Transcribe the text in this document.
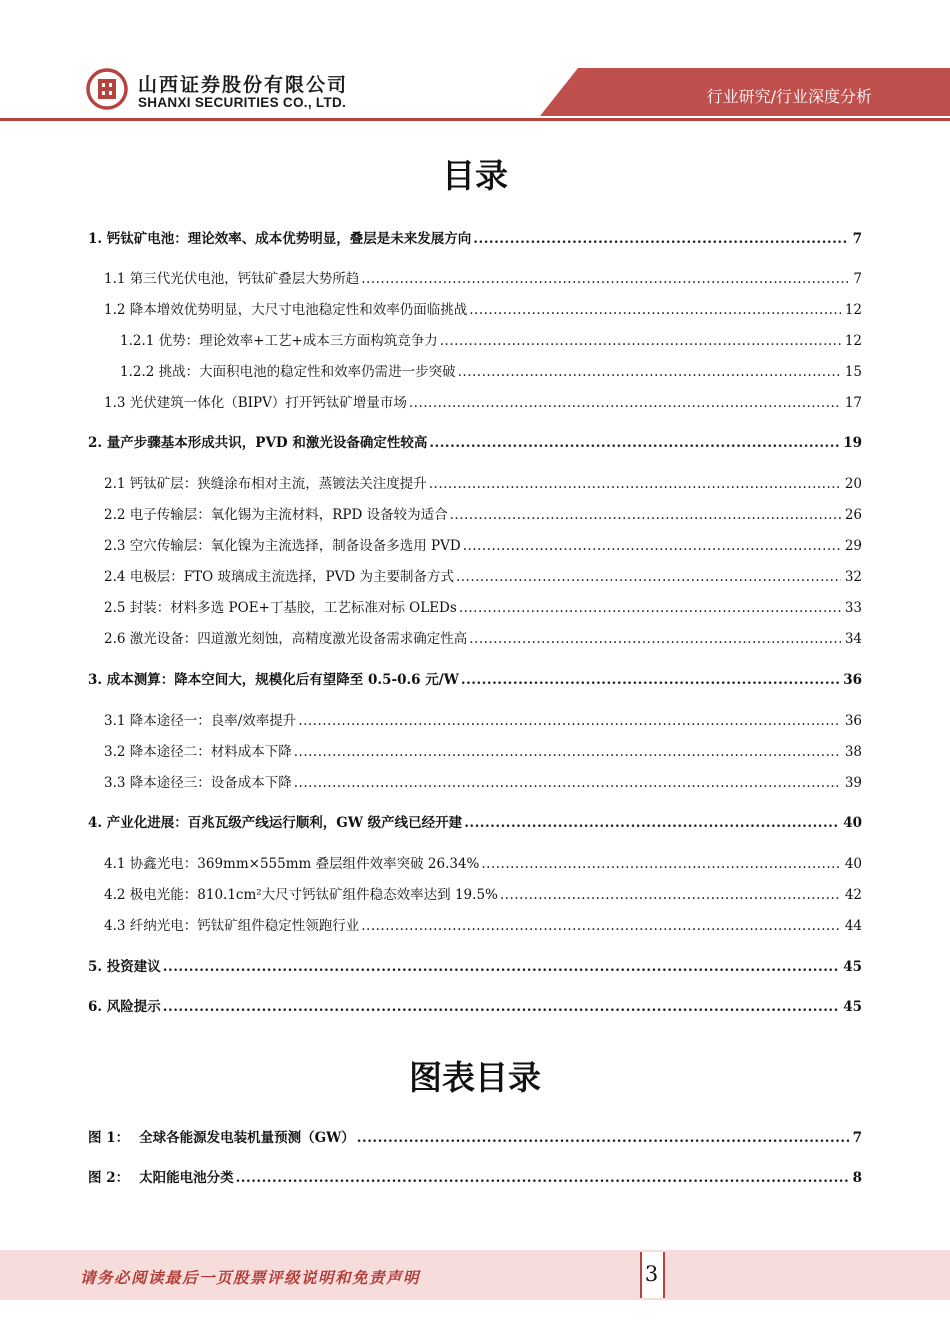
山西证券股份有限公司
SHANXI SECURITIES CO., LTD.	行业研究/行业深度分析
目录
1. 钙钛矿电池：理论效率、成本优势明显，叠层是未来发展方向 .....	7
1.1 第三代光伏电池，钙钛矿叠层大势所趋 .....	7
1.2 降本增效优势明显，大尺寸电池稳定性和效率仍面临挑战 .....	12
1.2.1 优势：理论效率+工艺+成本三方面构筑竞争力 .....	12
1.2.2 挑战：大面积电池的稳定性和效率仍需进一步突破 .....	15
1.3 光伏建筑一体化（BIPV）打开钙钛矿增量市场 .....	17
2. 量产步骤基本形成共识，PVD 和激光设备确定性较高 .....	19
2.1 钙钛矿层：狭缝涂布相对主流，蒸镀法关注度提升 .....	20
2.2 电子传输层：氧化锡为主流材料，RPD 设备较为适合 .....	26
2.3 空穴传输层：氧化镍为主流选择，制备设备多选用 PVD .....	29
2.4 电极层：FTO 玻璃成主流选择，PVD 为主要制备方式 .....	32
2.5 封装：材料多选 POE+丁基胶，工艺标准对标 OLEDs .....	33
2.6 激光设备：四道激光刻蚀，高精度激光设备需求确定性高 .....	34
3. 成本测算：降本空间大，规模化后有望降至 0.5-0.6 元/W .....	36
3.1 降本途径一：良率/效率提升 .....	36
3.2 降本途径二：材料成本下降 .....	38
3.3 降本途径三：设备成本下降 .....	39
4. 产业化进展：百兆瓦级产线运行顺利，GW 级产线已经开建 .....	40
4.1 协鑫光电：369mm×555mm 叠层组件效率突破 26.34% .....	40
4.2 极电光能：810.1cm²大尺寸钙钛矿组件稳态效率达到 19.5% .....	42
4.3 纤纳光电：钙钛矿组件稳定性领跑行业 .....	44
5. 投资建议 .....	45
6. 风险提示 .....	45
图表目录
图 1： 全球各能源发电装机量预测（GW） .....	7
图 2： 太阳能电池分类 .....	8
请务必阅读最后一页股票评级说明和免责声明	3
